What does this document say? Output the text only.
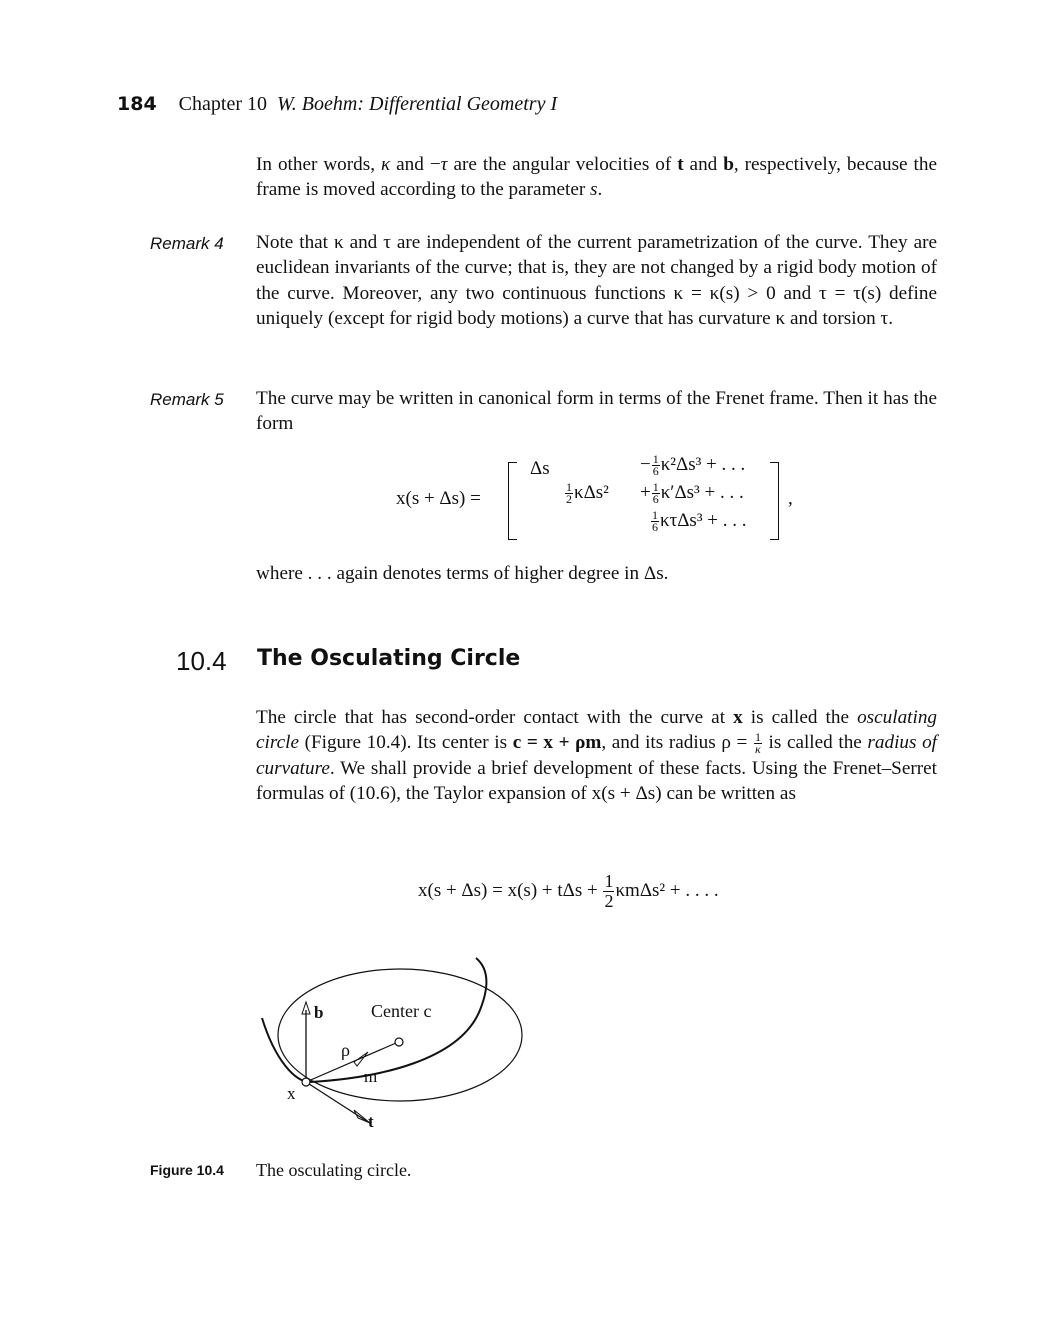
184 Chapter 10 W. Boehm: Differential Geometry I
In other words, κ and −τ are the angular velocities of t and b, respectively, because the frame is moved according to the parameter s.
Remark 4 Note that κ and τ are independent of the current parametrization of the curve. They are euclidean invariants of the curve; that is, they are not changed by a rigid body motion of the curve. Moreover, any two continuous functions κ = κ(s) > 0 and τ = τ(s) define uniquely (except for rigid body motions) a curve that has curvature κ and torsion τ.
Remark 5 The curve may be written in canonical form in terms of the Frenet frame. Then it has the form
x(s + Δs) =
Δs	− $\frac{1}{6} \kappa^2\Delta s^3$ + . . .
$\frac{1}{2} \kappa\Delta s^2 + \frac{1}{6} \kappa'\Delta s^3$ + . . .
$\frac{1}{6} \kappa\tau\Delta s^3$ + . . .
,
where . . . again denotes terms of higher degree in Δs.
10.4 The Osculating Circle
The circle that has second-order contact with the curve at x is called the osculating circle (Figure 10.4). Its center is c = x + ρm, and its radius $\rho = \frac{1}{\kappa}$ is called the radius of curvature. We shall provide a brief development of these facts. Using the Frenet–Serret formulas of (10.6), the Taylor expansion of x(s + Δs) can be written as
$x(s + \Delta s) = x(s) + t\Delta s + \frac{1}{2} \kappa m\Delta s^2$ + . . . .
b	Center c
ρ
m
x
t
Figure 10.4 The osculating circle.
